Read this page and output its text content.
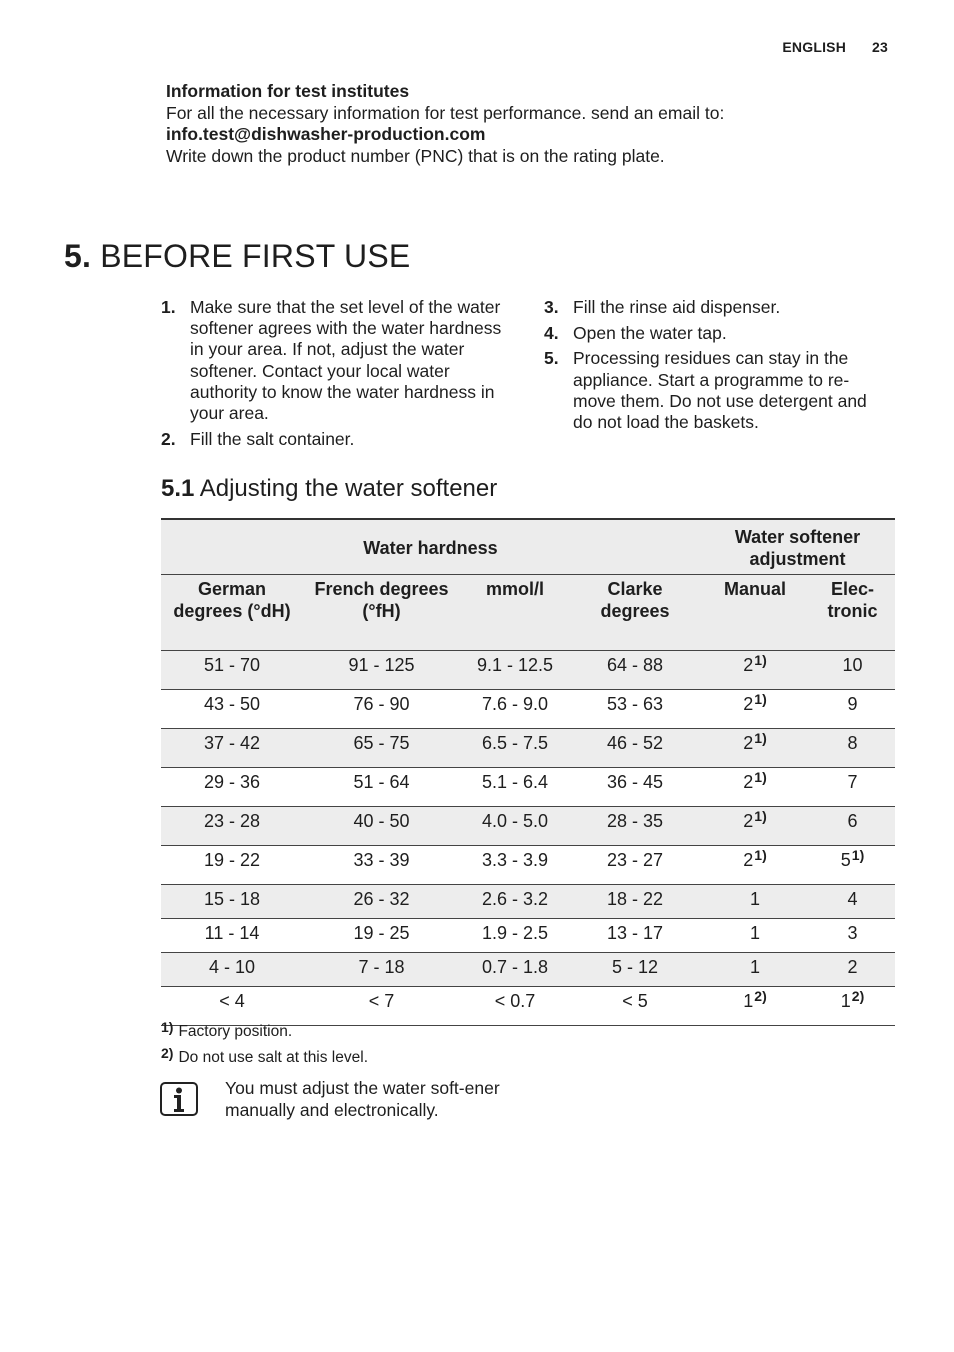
ENGLISH 23
Information for test institutes
For all the necessary information for test performance. send an email to:
info.test@dishwasher-production.com
Write down the product number (PNC) that is on the rating plate.
5. BEFORE FIRST USE
1. Make sure that the set level of the water softener agrees with the water hardness in your area. If not, adjust the water softener. Contact your local water authority to know the water hardness in your area.
2. Fill the salt container.
3. Fill the rinse aid dispenser.
4. Open the water tap.
5. Processing residues can stay in the appliance. Start a programme to re-move them. Do not use detergent and do not load the baskets.
5.1 Adjusting the water softener
Water hardness				Water softener adjustment	
German degrees (°dH)	French degrees (°fH)	mmol/l	Clarke degrees	Manual	Elec-tronic
51 - 70	91 - 125	9.1 - 12.5	64 - 88	2$^{1)}$	10
43 - 50	76 - 90	7.6 - 9.0	53 - 63	2$^{1)}$	9
37 - 42	65 - 75	6.5 - 7.5	46 - 52	2$^{1)}$	8
29 - 36	51 - 64	5.1 - 6.4	36 - 45	2$^{1)}$	7
23 - 28	40 - 50	4.0 - 5.0	28 - 35	2$^{1)}$	6
19 - 22	33 - 39	3.3 - 3.9	23 - 27	2$^{1)}$	5$^{1)}$
15 - 18	26 - 32	2.6 - 3.2	18 - 22	1	4
11 - 14	19 - 25	1.9 - 2.5	13 - 17	1	3
4 - 10	7 - 18	0.7 - 1.8	5 - 12	1	2
< 4	< 7	< 0.7	< 5	1$^{2)}$	1$^{2)}$
$^{1)}$ Factory position.
$^{2)}$ Do not use salt at this level.
You must adjust the water soft-ener manually and electronically.
